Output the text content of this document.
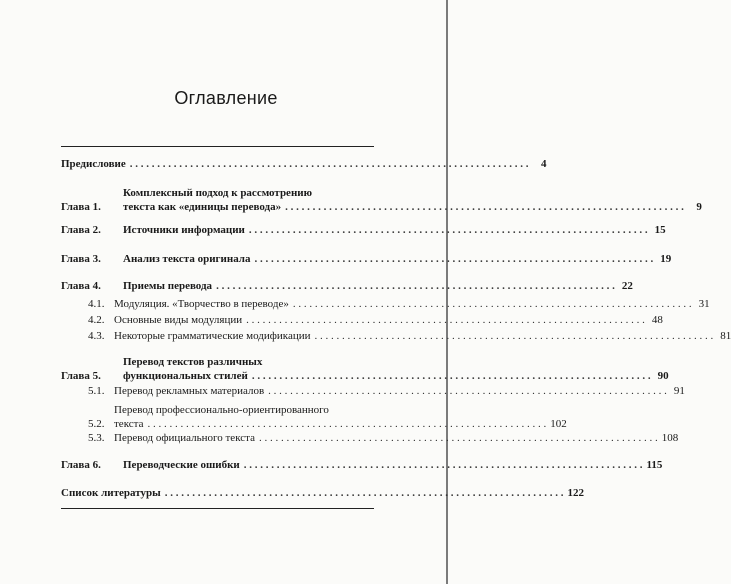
Оглавление
Предисловие . . .	4
Глава 1.
Комплексный подход к рассмотрению
текста как «единицы перевода» . . .	9
Глава 2.	Источники информации . . .	15
Глава 3.	Анализ текста оригинала . . .	19
Глава 4.	Приемы перевода . . .	22
4.1. Модуляция. «Творчество в переводе» . . .	31
4.2. Основные виды модуляции . . .	48
4.3. Некоторые грамматические модификации . . .	81
Глава 5.
Перевод текстов различных
функциональных стилей . . .	90
5.1. Перевод рекламных материалов . . .	91
5.2.
Перевод профессионально-ориентированного
текста . . .	102
5.3. Перевод официального текста . . .	108
Глава 6.	Переводческие ошибки . . .	115
Список литературы . . .	122
